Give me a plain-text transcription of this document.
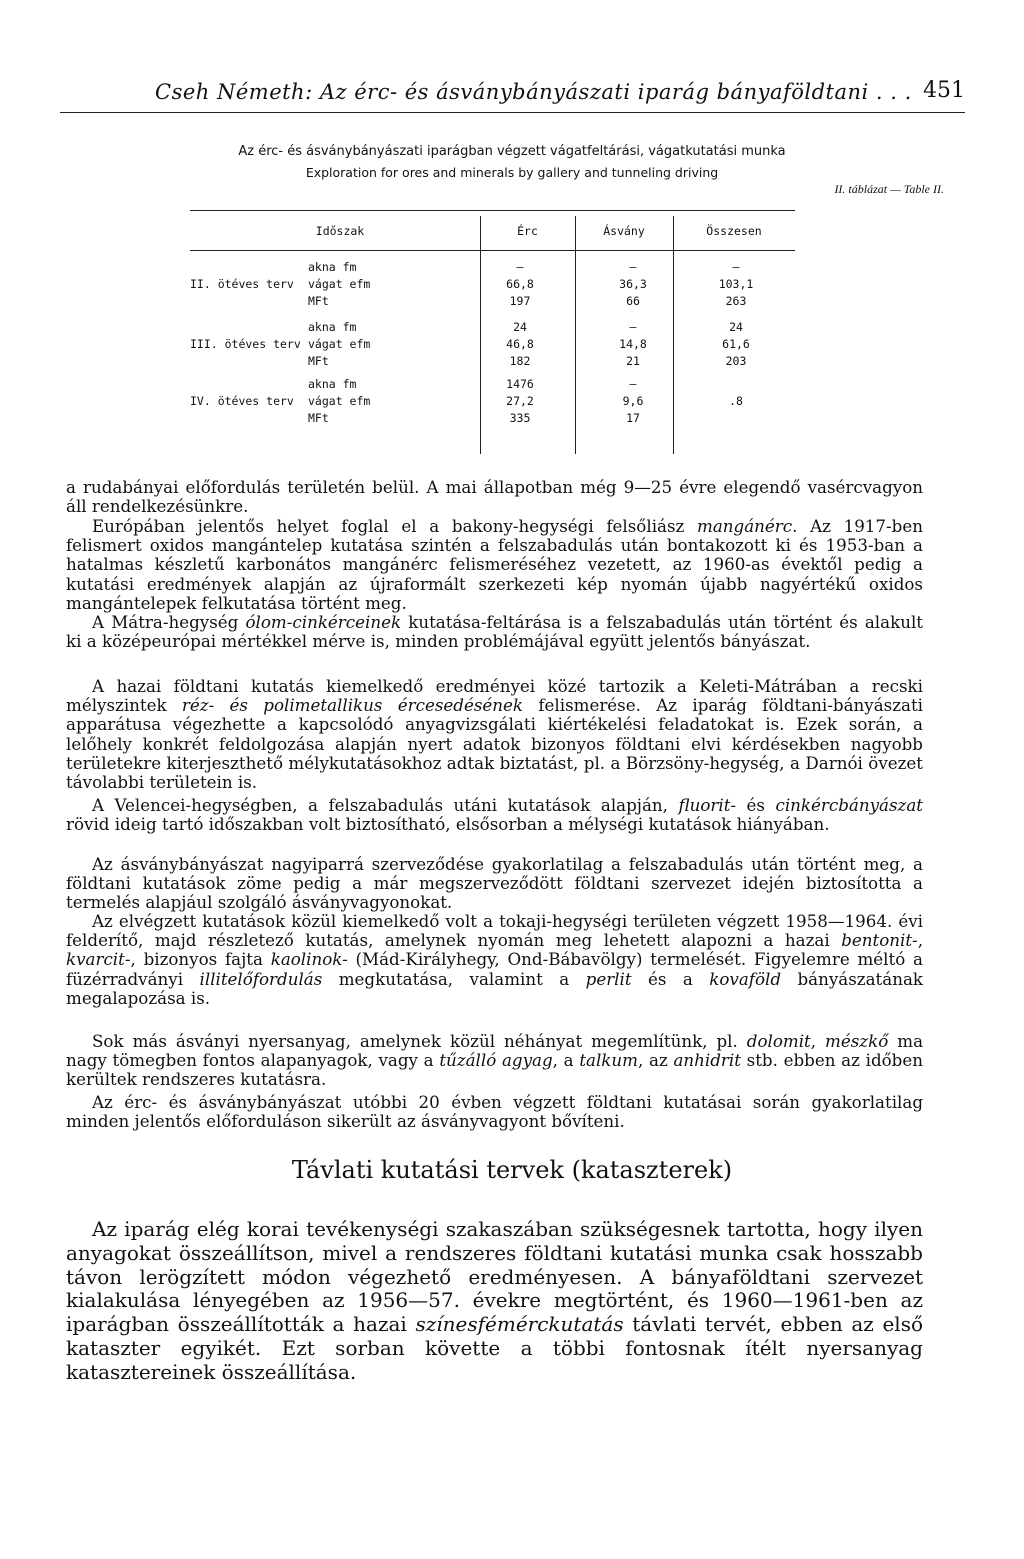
Cseh Németh: Az érc- és ásványbányászati iparág bányaföldtani . . . 451
Az érc- és ásványbányászati iparágban végzett vágatfeltárási, vágatkutatási munka
Exploration for ores and minerals by gallery and tunneling driving
II. táblázat — Table II.
Időszak	Érc	Ásvány	Összesen
II. ötéves terv
akna fm	—	—	—
vágat efm	66,8	36,3	103,1
MFt	197	66	263
III. ötéves terv
akna fm	24	—	24
vágat efm	46,8	14,8	61,6
MFt	182	21	203
IV. ötéves terv
akna fm	1476	—
vágat efm	27,2	9,6	.8
MFt	335	17
a rudabányai előfordulás területén belül. A mai állapotban még 9—25 évre elegendő vasércvagyon áll rendelkezésünkre.
Európában jelentős helyet foglal el a bakony-hegységi felsőliász mangánérc. Az 1917-ben felismert oxidos mangántelep kutatása szintén a felszabadulás után bontakozott ki és 1953-ban a hatalmas készletű karbonátos mangánérc felismeréséhez vezetett, az 1960-as évektől pedig a kutatási eredmények alapján az újraformált szerkezeti kép nyomán újabb nagyértékű oxidos mangántelepek felkutatása történt meg.
A Mátra-hegység ólom-cinkérceinek kutatása-feltárása is a felszabadulás után történt és alakult ki a középeurópai mértékkel mérve is, minden problémájával együtt jelentős bányászat.
A hazai földtani kutatás kiemelkedő eredményei közé tartozik a Keleti-Mátrában a recski mélyszintek réz- és polimetallikus ércesedésének felismerése. Az iparág földtani-bányászati apparátusa végezhette a kapcsolódó anyagvizsgálati kiértékelési feladatokat is. Ezek során, a lelőhely konkrét feldolgozása alapján nyert adatok bizonyos földtani elvi kérdésekben nagyobb területekre kiterjeszthető mélykutatásokhoz adtak biztatást, pl. a Börzsöny-hegység, a Darnói övezet távolabbi területein is.
A Velencei-hegységben, a felszabadulás utáni kutatások alapján, fluorit- és cinkércbányászat rövid ideig tartó időszakban volt biztosítható, elsősorban a mélységi kutatások hiányában.
Az ásványbányászat nagyiparrá szerveződése gyakorlatilag a felszabadulás után történt meg, a földtani kutatások zöme pedig a már megszerveződött földtani szervezet idején biztosította a termelés alapjául szolgáló ásványvagyonokat.
Az elvégzett kutatások közül kiemelkedő volt a tokaji-hegységi területen végzett 1958—1964. évi felderítő, majd részletező kutatás, amelynek nyomán meg lehetett alapozni a hazai bentonit-, kvarcit-, bizonyos fajta kaolinok- (Mád-Királyhegy, Ond-Bábavölgy) termelését. Figyelemre méltó a füzérradványi illitelőfordulás megkutatása, valamint a perlit és a kovaföld bányászatának megalapozása is.
Sok más ásványi nyersanyag, amelynek közül néhányat megemlítünk, pl. dolomit, mészkő ma nagy tömegben fontos alapanyagok, vagy a tűzálló agyag, a talkum, az anhidrit stb. ebben az időben kerültek rendszeres kutatásra.
Az érc- és ásványbányászat utóbbi 20 évben végzett földtani kutatásai során gyakorlatilag minden jelentős előforduláson sikerült az ásványvagyont bővíteni.
Távlati kutatási tervek (kataszterek)
Az iparág elég korai tevékenységi szakaszában szükségesnek tartotta, hogy ilyen anyagokat összeállítson, mivel a rendszeres földtani kutatási munka csak hosszabb távon lerögzített módon végezhető eredményesen. A bányaföldtani szervezet kialakulása lényegében az 1956—57. évekre megtörtént, és 1960—1961-ben az iparágban összeállították a hazai színesfémérckutatás távlati tervét, ebben az első kataszter egyikét. Ezt sorban követte a többi fontosnak ítélt nyersanyag katasztereinek összeállítása.
